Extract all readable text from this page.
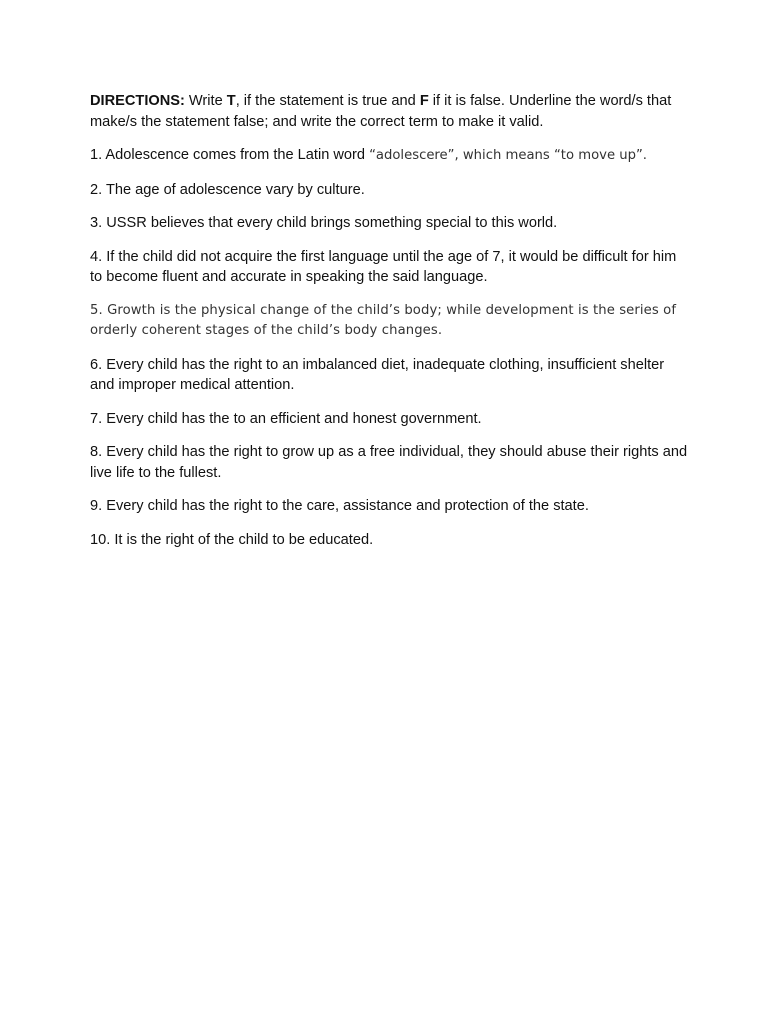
DIRECTIONS: Write T, if the statement is true and F if it is false. Underline the word/s that make/s the statement false; and write the correct term to make it valid.

1. Adolescence comes from the Latin word “adolescere”, which means “to move up”.

2. The age of adolescence vary by culture.

3. USSR believes that every child brings something special to this world.

4. If the child did not acquire the first language until the age of 7, it would be difficult for him to become fluent and accurate in speaking the said language.

5. Growth is the physical change of the child’s body; while development is the series of orderly coherent stages of the child’s body changes.

6. Every child has the right to an imbalanced diet, inadequate clothing, insufficient shelter and improper medical attention.

7. Every child has the to an efficient and honest government.

8. Every child has the right to grow up as a free individual, they should abuse their rights and live life to the fullest.

9. Every child has the right to the care, assistance and protection of the state.

10. It is the right of the child to be educated.
